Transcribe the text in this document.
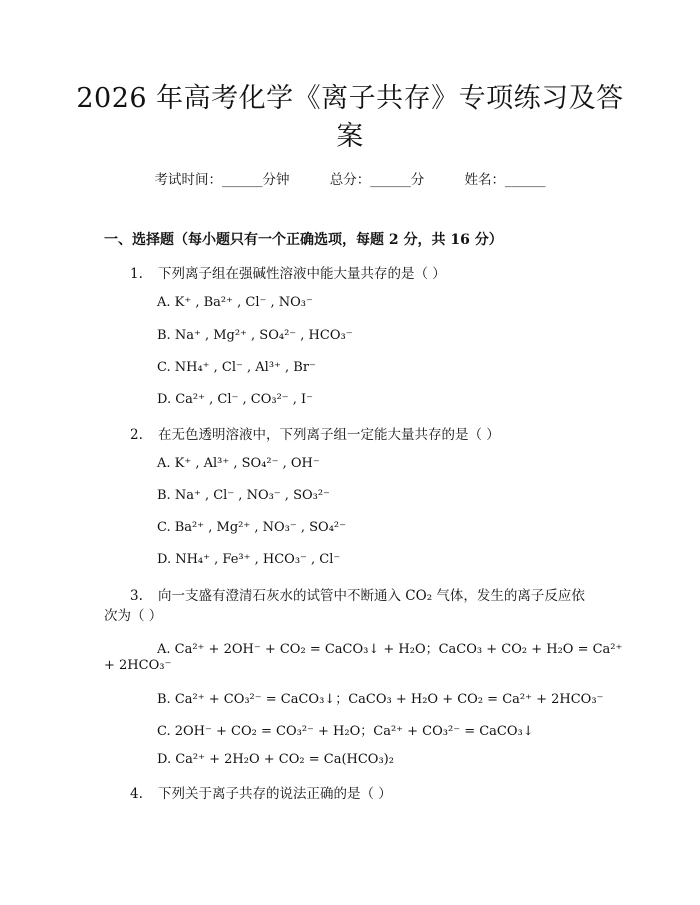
2026 年高考化学《离子共存》专项练习及答
案
考试时间：______分钟	总分：______分	姓名：______
一、选择题（每小题只有一个正确选项，每题 2 分，共 16 分）
1. 下列离子组在强碱性溶液中能大量共存的是（ ）
A. K⁺ , Ba²⁺ , Cl⁻ , NO₃⁻
B. Na⁺ , Mg²⁺ , SO₄²⁻ , HCO₃⁻
C. NH₄⁺ , Cl⁻ , Al³⁺ , Br⁻
D. Ca²⁺ , Cl⁻ , CO₃²⁻ , I⁻
2. 在无色透明溶液中，下列离子组一定能大量共存的是（ ）
A. K⁺ , Al³⁺ , SO₄²⁻ , OH⁻
B. Na⁺ , Cl⁻ , NO₃⁻ , SO₃²⁻
C. Ba²⁺ , Mg²⁺ , NO₃⁻ , SO₄²⁻
D. NH₄⁺ , Fe³⁺ , HCO₃⁻ , Cl⁻
3. 向一支盛有澄清石灰水的试管中不断通入 CO₂ 气体，发生的离子反应依
次为（ ）
A. Ca²⁺ + 2OH⁻ + CO₂ = CaCO₃↓ + H₂O；CaCO₃ + CO₂ + H₂O = Ca²⁺
+ 2HCO₃⁻
B. Ca²⁺ + CO₃²⁻ = CaCO₃↓；CaCO₃ + H₂O + CO₂ = Ca²⁺ + 2HCO₃⁻
C. 2OH⁻ + CO₂ = CO₃²⁻ + H₂O；Ca²⁺ + CO₃²⁻ = CaCO₃↓
D. Ca²⁺ + 2H₂O + CO₂ = Ca(HCO₃)₂
4. 下列关于离子共存的说法正确的是（ ）
